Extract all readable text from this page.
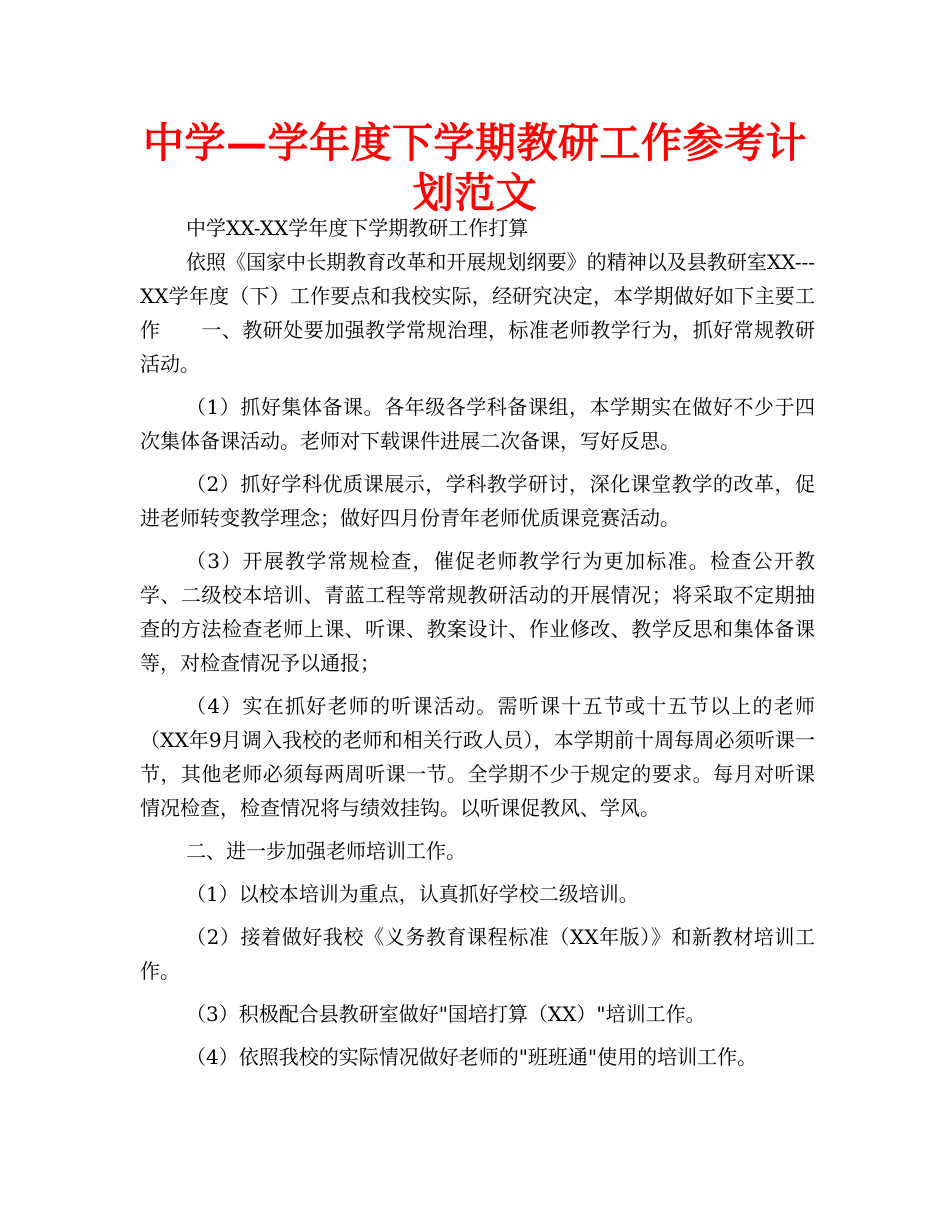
中学—学年度下学期教研工作参考计划范文

中学XX-XX学年度下学期教研工作打算

依照《国家中长期教育改革和开展规划纲要》的精神以及县教研室XX---XX学年度（下）工作要点和我校实际，经研究决定，本学期做好如下主要工作　　一、教研处要加强教学常规治理，标准老师教学行为，抓好常规教研活动。

（1）抓好集体备课。各年级各学科备课组，本学期实在做好不少于四次集体备课活动。老师对下载课件进展二次备课，写好反思。

（2）抓好学科优质课展示，学科教学研讨，深化课堂教学的改革，促进老师转变教学理念；做好四月份青年老师优质课竞赛活动。

（3）开展教学常规检查，催促老师教学行为更加标准。检查公开教学、二级校本培训、青蓝工程等常规教研活动的开展情况；将采取不定期抽查的方法检查老师上课、听课、教案设计、作业修改、教学反思和集体备课等，对检查情况予以通报；

（4）实在抓好老师的听课活动。需听课十五节或十五节以上的老师（XX年9月调入我校的老师和相关行政人员），本学期前十周每周必须听课一节，其他老师必须每两周听课一节。全学期不少于规定的要求。每月对听课情况检查，检查情况将与绩效挂钩。以听课促教风、学风。

二、进一步加强老师培训工作。

（1）以校本培训为重点，认真抓好学校二级培训。

（2）接着做好我校《义务教育课程标准（XX年版）》和新教材培训工作。

（3）积极配合县教研室做好"国培打算（XX）"培训工作。

（4）依照我校的实际情况做好老师的"班班通"使用的培训工作。
